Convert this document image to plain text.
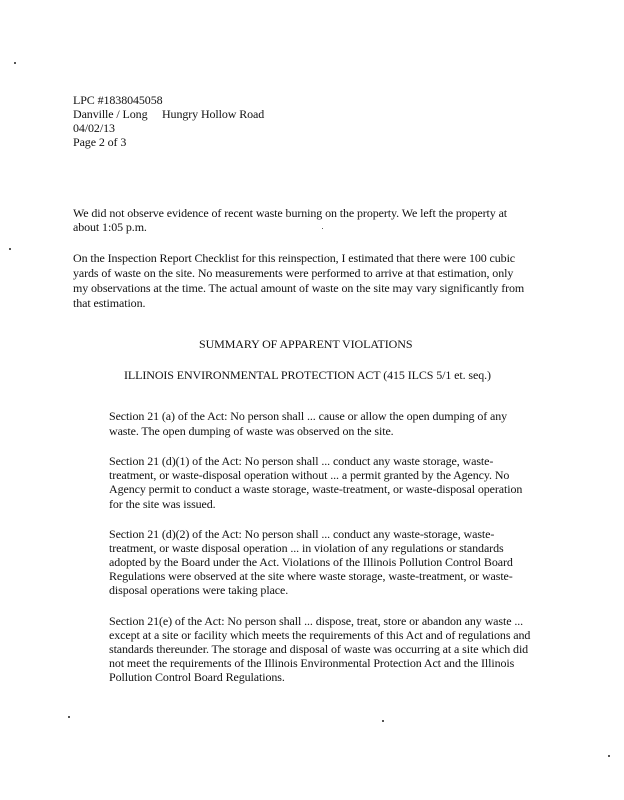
LPC #1838045058
Danville / Long     Hungry Hollow Road
04/02/13
Page 2 of 3
We did not observe evidence of recent waste burning on the property. We left the property at
about 1:05 p.m.
On the Inspection Report Checklist for this reinspection, I estimated that there were 100 cubic
yards of waste on the site. No measurements were performed to arrive at that estimation, only
my observations at the time. The actual amount of waste on the site may vary significantly from
that estimation.
SUMMARY OF APPARENT VIOLATIONS
ILLINOIS ENVIRONMENTAL PROTECTION ACT (415 ILCS 5/1 et. seq.)
Section 21 (a) of the Act: No person shall ... cause or allow the open dumping of any
waste. The open dumping of waste was observed on the site.
Section 21 (d)(1) of the Act: No person shall ... conduct any waste storage, waste-
treatment, or waste-disposal operation without ... a permit granted by the Agency. No
Agency permit to conduct a waste storage, waste-treatment, or waste-disposal operation
for the site was issued.
Section 21 (d)(2) of the Act: No person shall ... conduct any waste-storage, waste-
treatment, or waste disposal operation ... in violation of any regulations or standards
adopted by the Board under the Act. Violations of the Illinois Pollution Control Board
Regulations were observed at the site where waste storage, waste-treatment, or waste-
disposal operations were taking place.
Section 21(e) of the Act: No person shall ... dispose, treat, store or abandon any waste ...
except at a site or facility which meets the requirements of this Act and of regulations and
standards thereunder. The storage and disposal of waste was occurring at a site which did
not meet the requirements of the Illinois Environmental Protection Act and the Illinois
Pollution Control Board Regulations.
